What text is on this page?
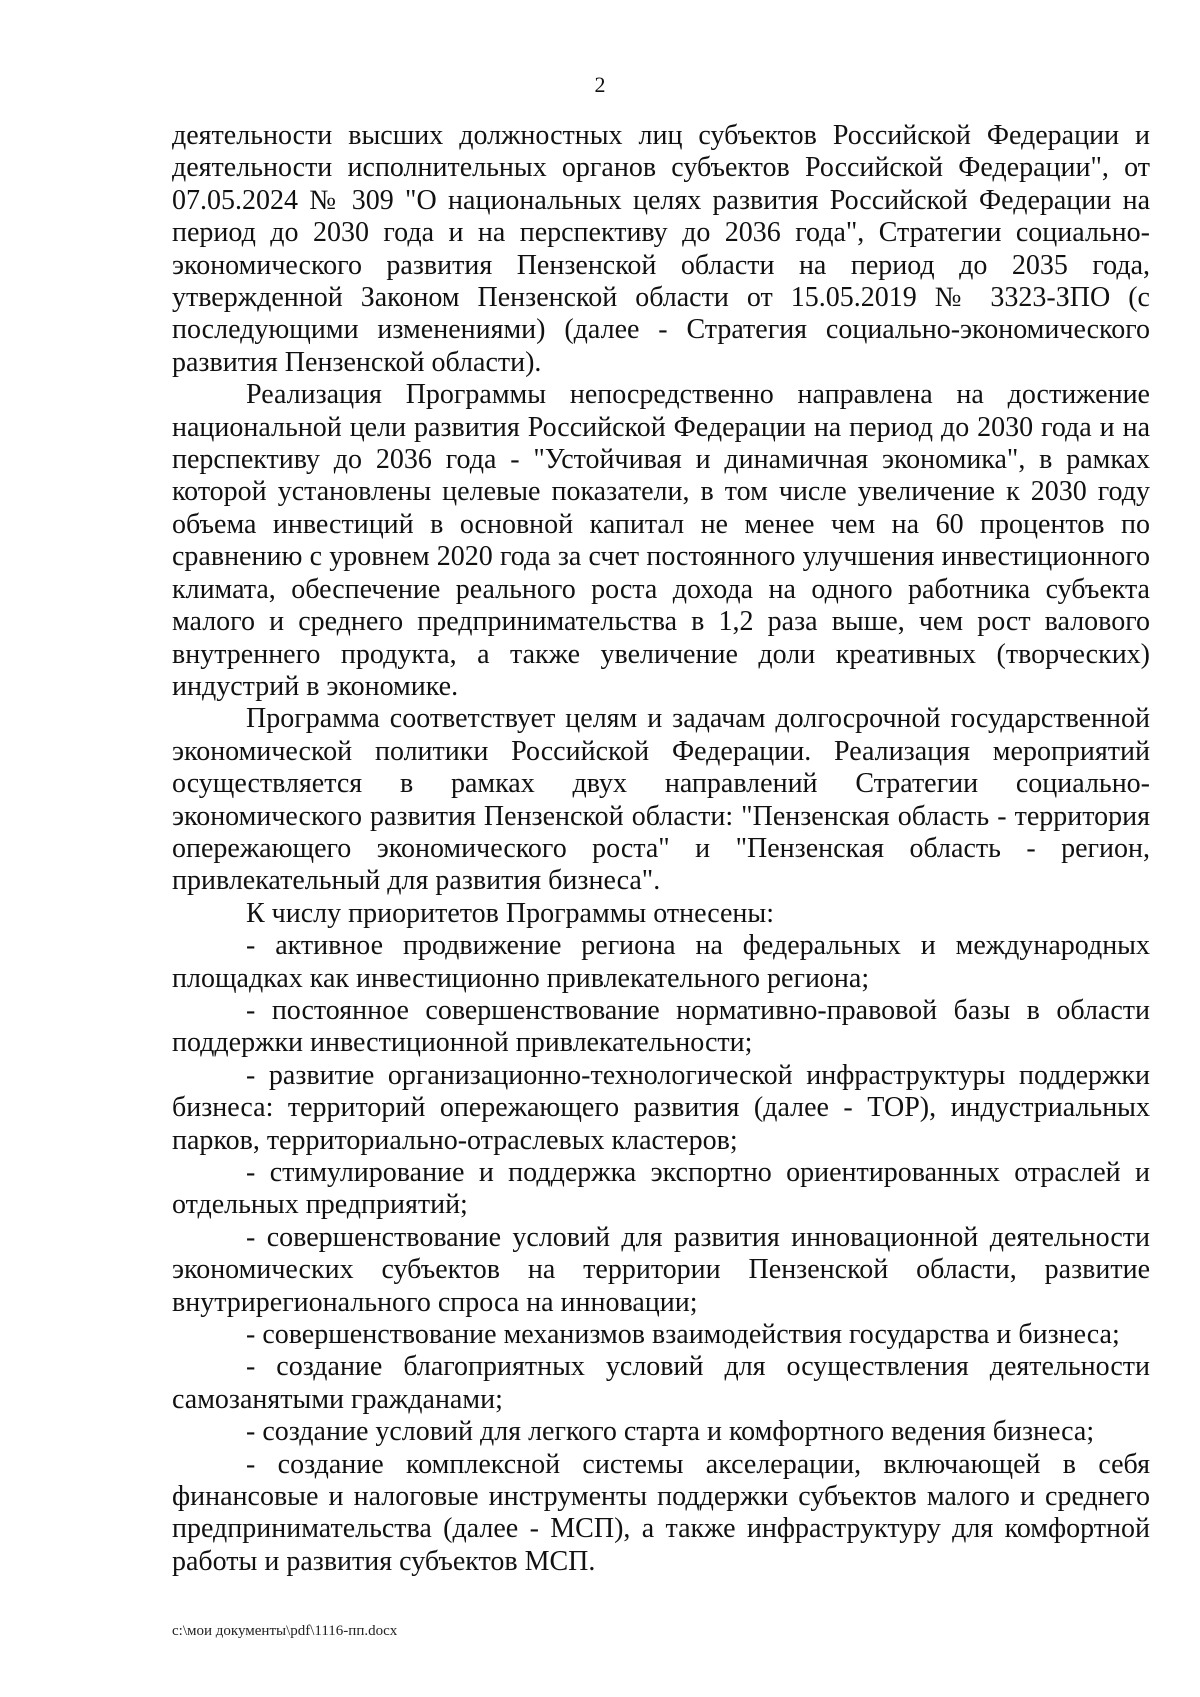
2

деятельности высших должностных лиц субъектов Российской Федерации и деятельности исполнительных органов субъектов Российской Федерации", от 07.05.2024 № 309 "О национальных целях развития Российской Федерации на период до 2030 года и на перспективу до 2036 года", Стратегии социально-экономического развития Пензенской области на период до 2035 года, утвержденной Законом Пензенской области от 15.05.2019 № 3323-ЗПО (с последующими изменениями) (далее - Стратегия социально-экономического развития Пензенской области).

Реализация Программы непосредственно направлена на достижение национальной цели развития Российской Федерации на период до 2030 года и на перспективу до 2036 года - "Устойчивая и динамичная экономика", в рамках которой установлены целевые показатели, в том числе увеличение к 2030 году объема инвестиций в основной капитал не менее чем на 60 процентов по сравнению с уровнем 2020 года за счет постоянного улучшения инвестиционного климата, обеспечение реального роста дохода на одного работника субъекта малого и среднего предпринимательства в 1,2 раза выше, чем рост валового внутреннего продукта, а также увеличение доли креативных (творческих) индустрий в экономике.

Программа соответствует целям и задачам долгосрочной государственной экономической политики Российской Федерации. Реализация мероприятий осуществляется в рамках двух направлений Стратегии социально-экономического развития Пензенской области: "Пензенская область - территория опережающего экономического роста" и "Пензенская область - регион, привлекательный для развития бизнеса".

К числу приоритетов Программы отнесены:

- активное продвижение региона на федеральных и международных площадках как инвестиционно привлекательного региона;

- постоянное совершенствование нормативно-правовой базы в области поддержки инвестиционной привлекательности;

- развитие организационно-технологической инфраструктуры поддержки бизнеса: территорий опережающего развития (далее - ТОР), индустриальных парков, территориально-отраслевых кластеров;

- стимулирование и поддержка экспортно ориентированных отраслей и отдельных предприятий;

- совершенствование условий для развития инновационной деятельности экономических субъектов на территории Пензенской области, развитие внутрирегионального спроса на инновации;

- совершенствование механизмов взаимодействия государства и бизнеса;

- создание благоприятных условий для осуществления деятельности самозанятыми гражданами;

- создание условий для легкого старта и комфортного ведения бизнеса;

- создание комплексной системы акселерации, включающей в себя финансовые и налоговые инструменты поддержки субъектов малого и среднего предпринимательства (далее - МСП), а также инфраструктуру для комфортной работы и развития субъектов МСП.

c:\мои документы\pdf\1116-пп.docx
